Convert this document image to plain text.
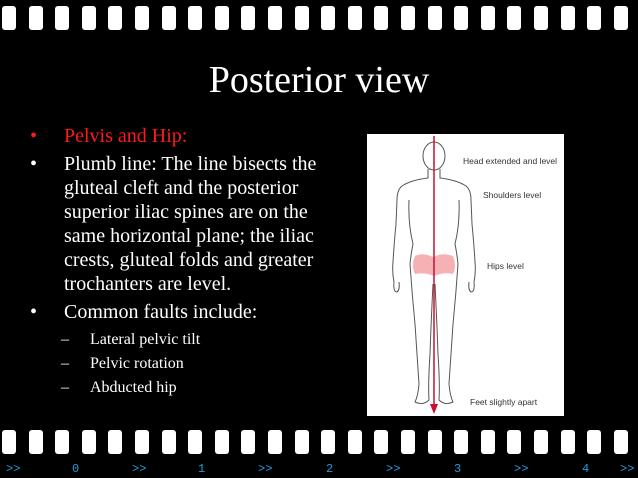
Posterior view
• Pelvis and Hip:
• Plumb line: The line bisects the gluteal cleft and the posterior superior iliac spines are on the same horizontal plane; the iliac crests, gluteal folds and greater trochanters are level.
• Common faults include:
– Lateral pelvic tilt
– Pelvic rotation
– Abducted hip
Head extended and level
Shoulders level
Hips level
Feet slightly apart
>>	0	>>	1	>>	2	>>	3	>>	4	>>
